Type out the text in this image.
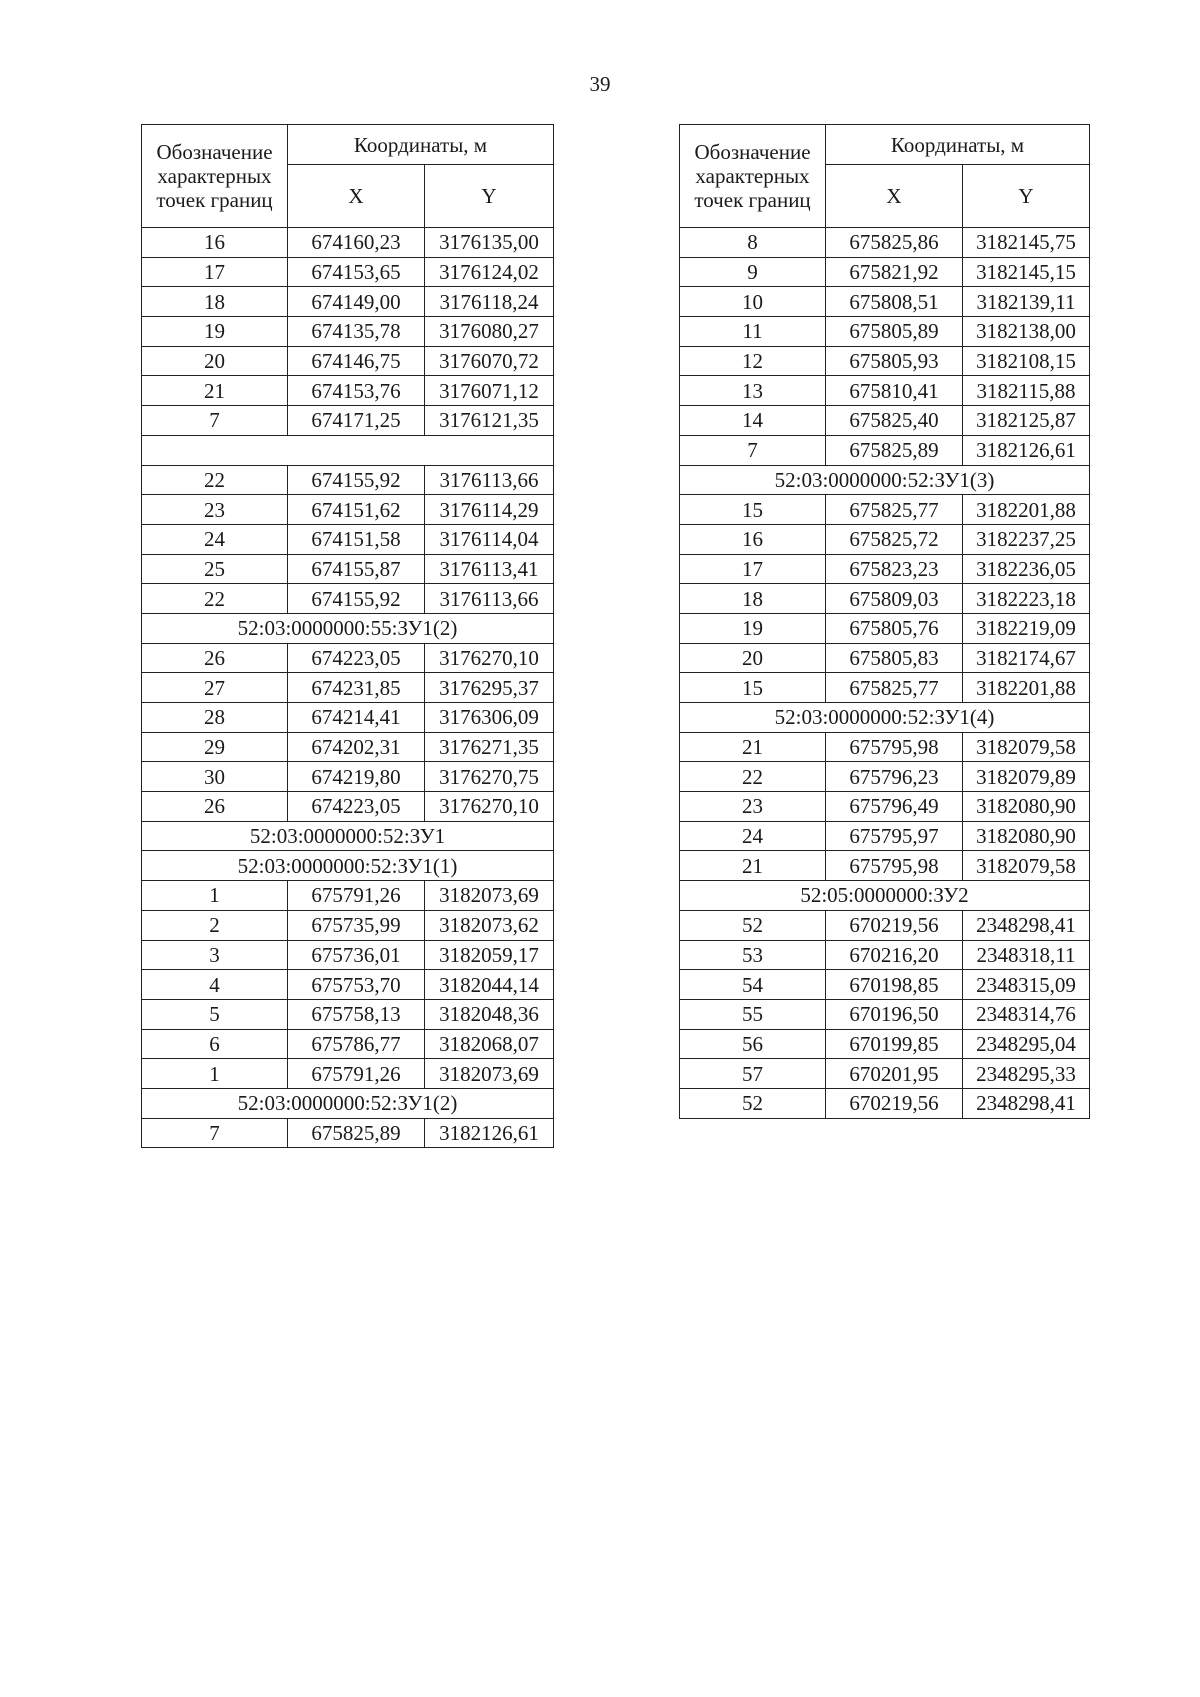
39
Обозначение характерных точек границ	Координаты, м	
	X	Y
16	674160,23	3176135,00
17	674153,65	3176124,02
18	674149,00	3176118,24
19	674135,78	3176080,27
20	674146,75	3176070,72
21	674153,76	3176071,12
7	674171,25	3176121,35

22	674155,92	3176113,66
23	674151,62	3176114,29
24	674151,58	3176114,04
25	674155,87	3176113,41
22	674155,92	3176113,66
52:03:0000000:55:ЗУ1(2)		
26	674223,05	3176270,10
27	674231,85	3176295,37
28	674214,41	3176306,09
29	674202,31	3176271,35
30	674219,80	3176270,75
26	674223,05	3176270,10
52:03:0000000:52:ЗУ1		
52:03:0000000:52:ЗУ1(1)		
1	675791,26	3182073,69
2	675735,99	3182073,62
3	675736,01	3182059,17
4	675753,70	3182044,14
5	675758,13	3182048,36
6	675786,77	3182068,07
1	675791,26	3182073,69
52:03:0000000:52:ЗУ1(2)		
7	675825,89	3182126,61
Обозначение характерных точек границ	Координаты, м	
	X	Y
8	675825,86	3182145,75
9	675821,92	3182145,15
10	675808,51	3182139,11
11	675805,89	3182138,00
12	675805,93	3182108,15
13	675810,41	3182115,88
14	675825,40	3182125,87
7	675825,89	3182126,61
52:03:0000000:52:ЗУ1(3)		
15	675825,77	3182201,88
16	675825,72	3182237,25
17	675823,23	3182236,05
18	675809,03	3182223,18
19	675805,76	3182219,09
20	675805,83	3182174,67
15	675825,77	3182201,88
52:03:0000000:52:ЗУ1(4)		
21	675795,98	3182079,58
22	675796,23	3182079,89
23	675796,49	3182080,90
24	675795,97	3182080,90
21	675795,98	3182079,58
52:05:0000000:ЗУ2		
52	670219,56	2348298,41
53	670216,20	2348318,11
54	670198,85	2348315,09
55	670196,50	2348314,76
56	670199,85	2348295,04
57	670201,95	2348295,33
52	670219,56	2348298,41
